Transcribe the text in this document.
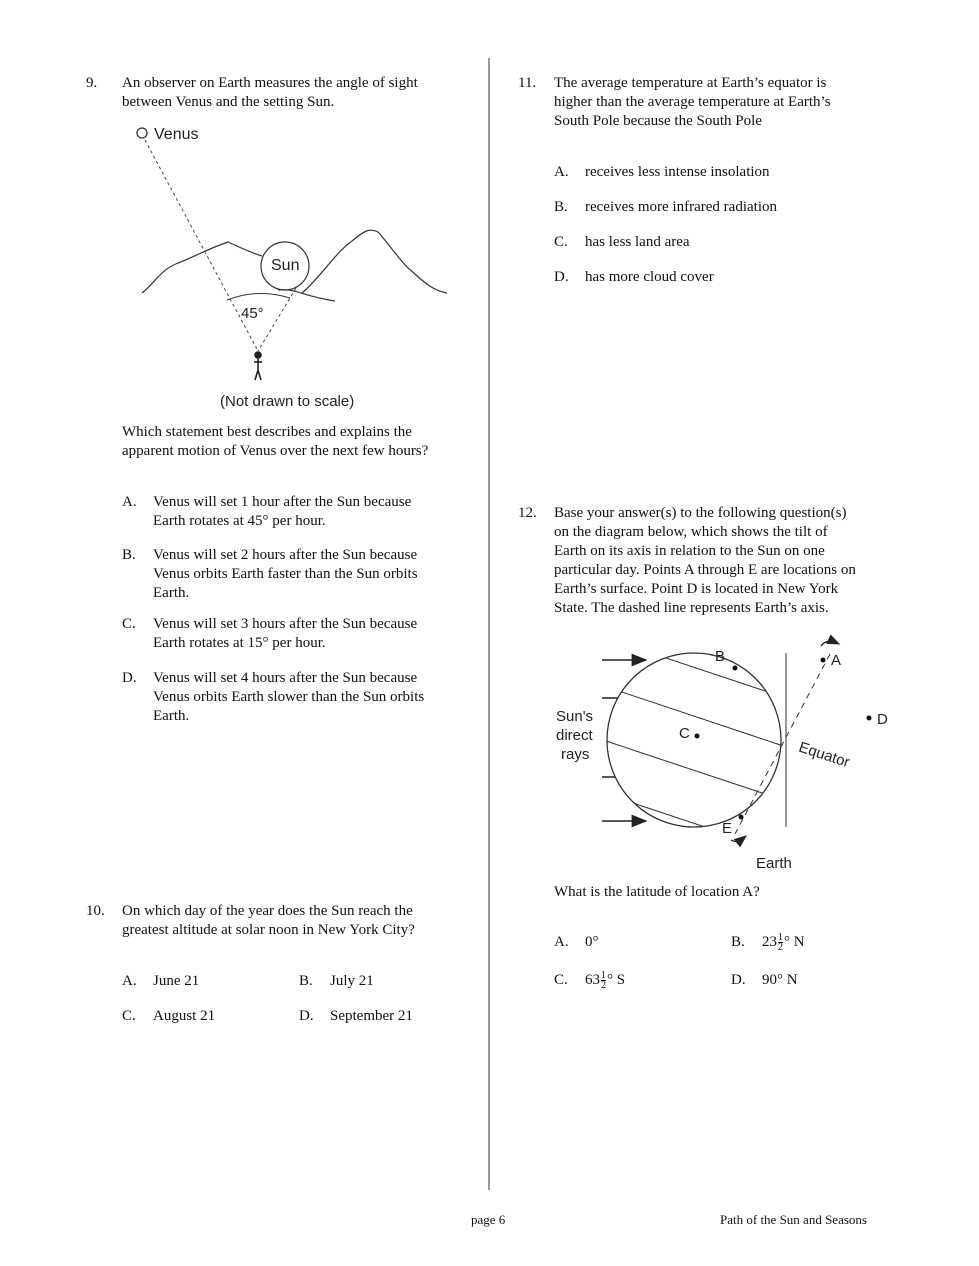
9. An observer on Earth measures the angle of sight
between Venus and the setting Sun.
Venus
Sun
45°
(Not drawn to scale)
Which statement best describes and explains the
apparent motion of Venus over the next few hours?
A. Venus will set 1 hour after the Sun because
Earth rotates at 45° per hour.
B. Venus will set 2 hours after the Sun because
Venus orbits Earth faster than the Sun orbits
Earth.
C. Venus will set 3 hours after the Sun because
Earth rotates at 15° per hour.
D. Venus will set 4 hours after the Sun because
Venus orbits Earth slower than the Sun orbits
Earth.
10. On which day of the year does the Sun reach the
greatest altitude at solar noon in New York City?
A. June 21	B. July 21
C. August 21	D. September 21
11. The average temperature at Earth’s equator is
higher than the average temperature at Earth’s
South Pole because the South Pole
A. receives less intense insolation
B. receives more infrared radiation
C. has less land area
D. has more cloud cover
12. Base your answer(s) to the following question(s)
on the diagram below, which shows the tilt of
Earth on its axis in relation to the Sun on one
particular day. Points A through E are locations on
Earth’s surface. Point D is located in New York
State. The dashed line represents Earth’s axis.
Sun's
direct
rays	Equator
B	A
C
D
E
Earth
What is the latitude of location A?
A. 0°	B. $23 \frac{1}{2}$ ° N
C. $63 \frac{1}{2}$ ° S	D. 90° N
page 6	Path of the Sun and Seasons
